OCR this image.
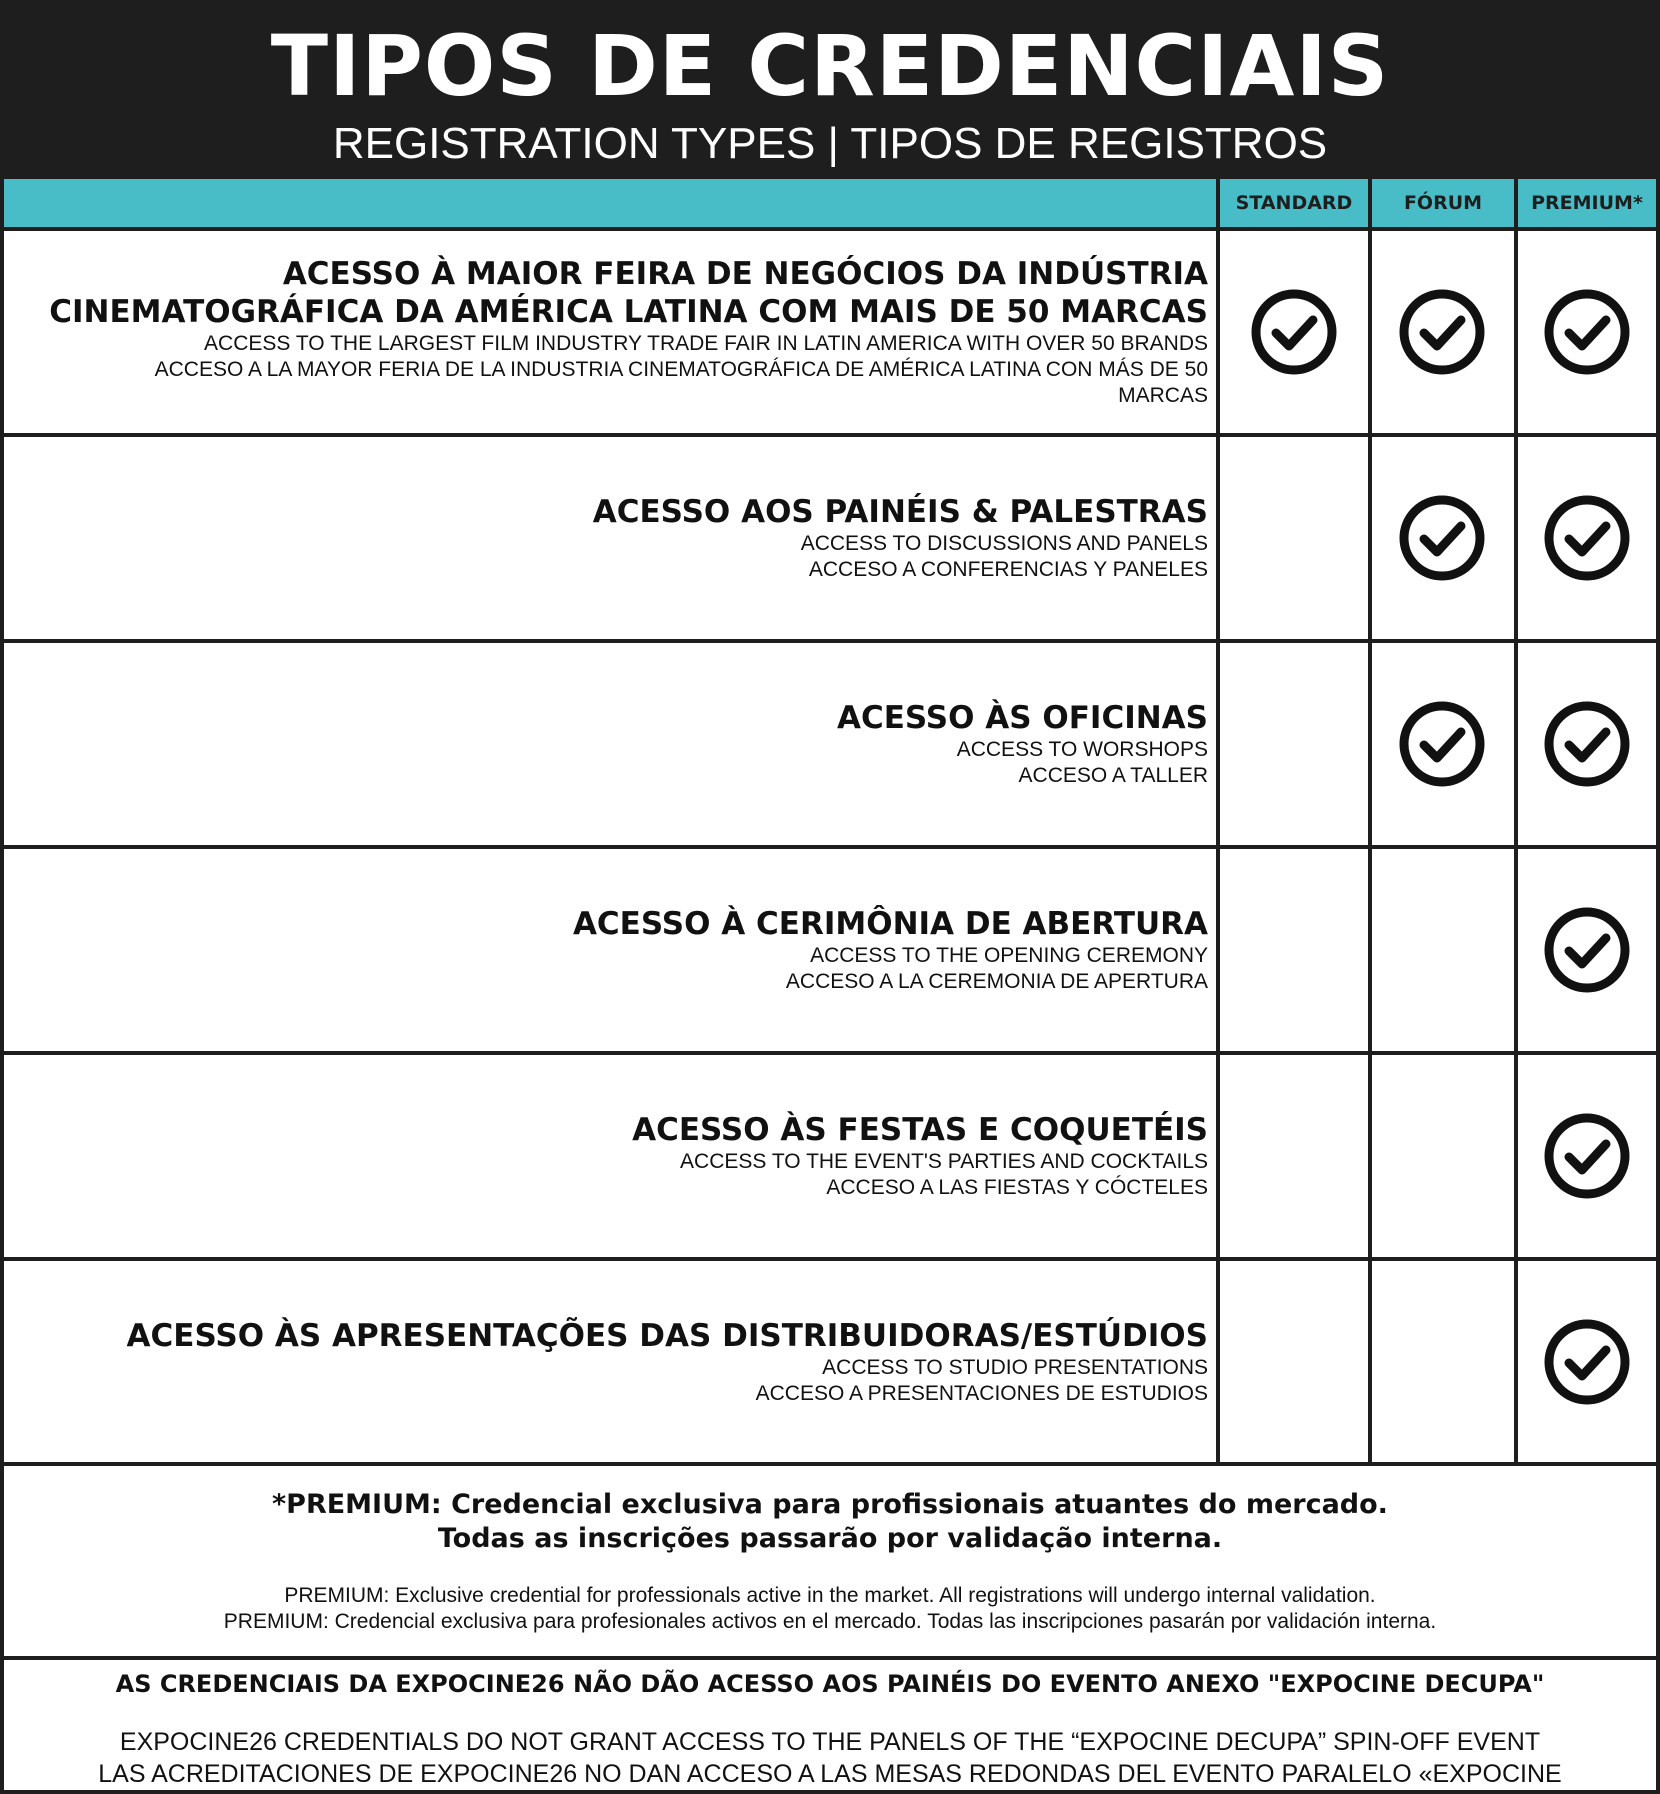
TIPOS DE CREDENCIAIS
REGISTRATION TYPES | TIPOS DE REGISTROS
STANDARD	FÓRUM	PREMIUM*
ACESSO À MAIOR FEIRA DE NEGÓCIOS DA INDÚSTRIA
CINEMATOGRÁFICA DA AMÉRICA LATINA COM MAIS DE 50 MARCAS
ACCESS TO THE LARGEST FILM INDUSTRY TRADE FAIR IN LATIN AMERICA WITH OVER 50 BRANDS
ACCESO A LA MAYOR FERIA DE LA INDUSTRIA CINEMATOGRÁFICA DE AMÉRICA LATINA CON MÁS DE 50
MARCAS
ACESSO AOS PAINÉIS & PALESTRAS
ACCESS TO DISCUSSIONS AND PANELS
ACCESO A CONFERENCIAS Y PANELES
ACESSO ÀS OFICINAS
ACCESS TO WORSHOPS
ACCESO A TALLER
ACESSO À CERIMÔNIA DE ABERTURA
ACCESS TO THE OPENING CEREMONY
ACCESO A LA CEREMONIA DE APERTURA
ACESSO ÀS FESTAS E COQUETÉIS
ACCESS TO THE EVENT'S PARTIES AND COCKTAILS
ACCESO A LAS FIESTAS Y CÓCTELES
ACESSO ÀS APRESENTAÇÕES DAS DISTRIBUIDORAS/ESTÚDIOS
ACCESS TO STUDIO PRESENTATIONS
ACCESO A PRESENTACIONES DE ESTUDIOS
*PREMIUM: Credencial exclusiva para profissionais atuantes do mercado.
Todas as inscrições passarão por validação interna.
PREMIUM: Exclusive credential for professionals active in the market. All registrations will undergo internal validation.
PREMIUM: Credencial exclusiva para profesionales activos en el mercado. Todas las inscripciones pasarán por validación interna.
AS CREDENCIAIS DA EXPOCINE26 NÃO DÃO ACESSO AOS PAINÉIS DO EVENTO ANEXO "EXPOCINE DECUPA"
EXPOCINE26 CREDENTIALS DO NOT GRANT ACCESS TO THE PANELS OF THE “EXPOCINE DECUPA” SPIN-OFF EVENT
LAS ACREDITACIONES DE EXPOCINE26 NO DAN ACCESO A LAS MESAS REDONDAS DEL EVENTO PARALELO «EXPOCINE
